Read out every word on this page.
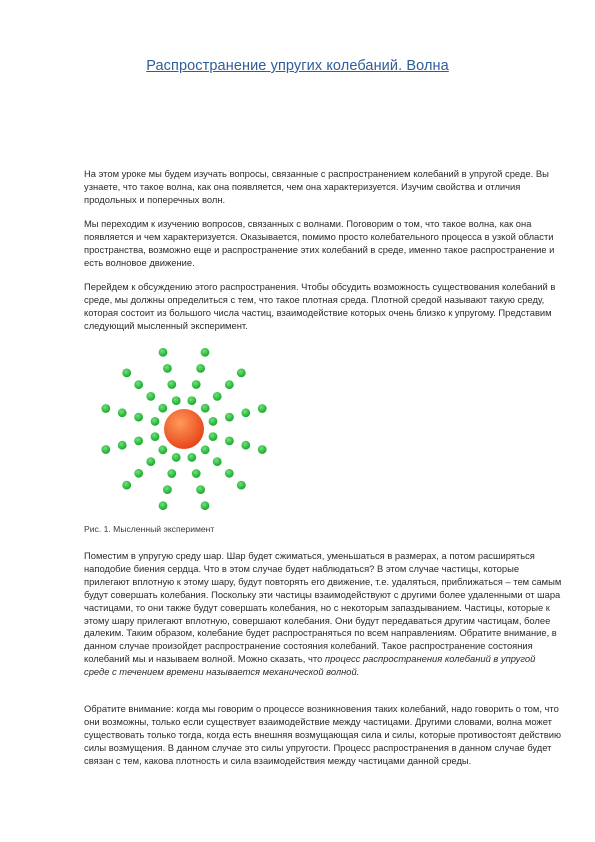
Распространение упругих колебаний. Волна

На этом уроке мы будем изучать вопросы, связанные с распространением колебаний в упругой среде. Вы узнаете, что такое волна, как она появляется, чем она характеризуется. Изучим свойства и отличия продольных и поперечных волн.

Мы переходим к изучению вопросов, связанных с волнами. Поговорим о том, что такое волна, как она появляется и чем характеризуется. Оказывается, помимо просто колебательного процесса в узкой области пространства, возможно еще и распространение этих колебаний в среде, именно такое распространение и есть волновое движение.

Перейдем к обсуждению этого распространения. Чтобы обсудить возможность существования колебаний в среде, мы должны определиться с тем, что такое плотная среда. Плотной средой называют такую среду, которая состоит из большого числа частиц, взаимодействие которых очень близко к упругому. Представим следующий мысленный эксперимент.

Рис. 1. Мысленный эксперимент

Поместим в упругую среду шар. Шар будет сжиматься, уменьшаться в размерах, а потом расширяться наподобие биения сердца. Что в этом случае будет наблюдаться? В этом случае частицы, которые прилегают вплотную к этому шару, будут повторять его движение, т.е. удаляться, приближаться – тем самым будут совершать колебания. Поскольку эти частицы взаимодействуют с другими более удаленными от шара частицами, то они также будут совершать колебания, но с некоторым запаздыванием. Частицы, которые к этому шару прилегают вплотную, совершают колебания. Они будут передаваться другим частицам, более далеким. Таким образом, колебание будет распространяться по всем направлениям. Обратите внимание, в данном случае произойдет распространение состояния колебаний. Такое распространение состояния колебаний мы и называем волной. Можно сказать, что процесс распространения колебаний в упругой среде с течением времени называется механической волной.

Обратите внимание: когда мы говорим о процессе возникновения таких колебаний, надо говорить о том, что они возможны, только если существует взаимодействие между частицами. Другими словами, волна может существовать только тогда, когда есть внешняя возмущающая сила и силы, которые противостоят действию силы возмущения. В данном случае это силы упругости. Процесс распространения в данном случае будет связан с тем, какова плотность и сила взаимодействия между частицами данной среды.
